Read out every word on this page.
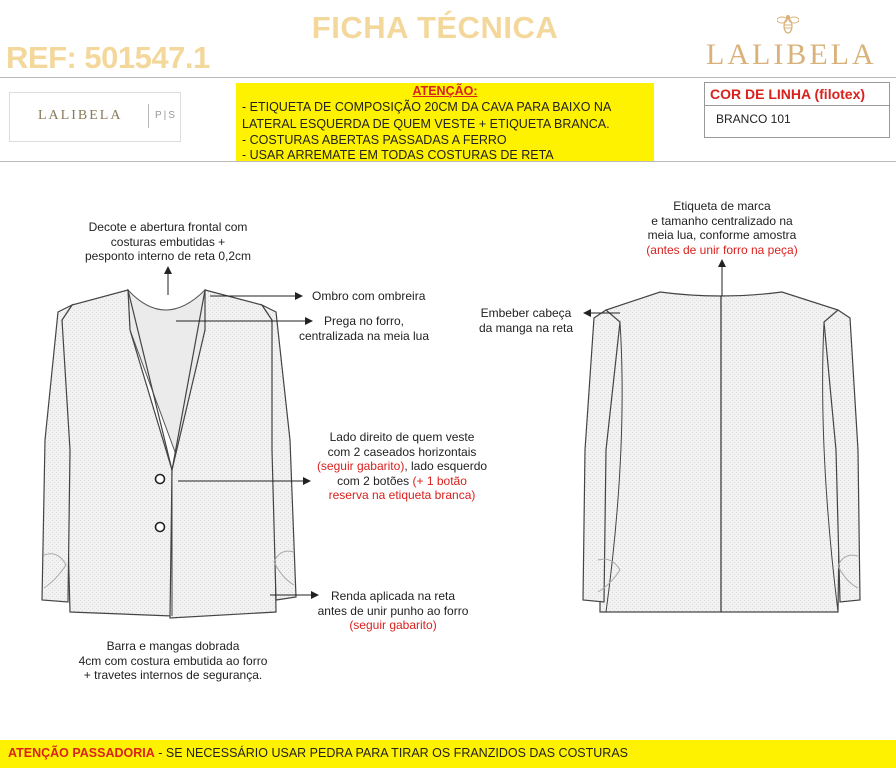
FICHA TÉCNICA
REF: 501547.1	LALIBELA
LALIBELA	P|S
ATENÇÃO:
- ETIQUETA DE COMPOSIÇÃO 20CM DA CAVA PARA BAIXO NA
LATERAL ESQUERDA DE QUEM VESTE + ETIQUETA BRANCA.
- COSTURAS ABERTAS PASSADAS A FERRO
- USAR ARREMATE EM TODAS COSTURAS DE RETA
COR DE LINHA (filotex)
BRANCO 101
Decote e abertura frontal com
costuras embutidas +
pesponto interno de reta 0,2cm
Ombro com ombreira
Prega no forro,
centralizada na meia lua
Lado direito de quem veste
com 2 caseados horizontais
(seguir gabarito), lado esquerdo
com 2 botões (+ 1 botão
reserva na etiqueta branca)
Renda aplicada na reta
antes de unir punho ao forro
(seguir gabarito)
Barra e mangas dobrada
4cm com costura embutida ao forro
+ travetes internos de segurança.
Embeber cabeça
da manga na reta
Etiqueta de marca
e tamanho centralizado na
meia lua, conforme amostra
(antes de unir forro na peça)
ATENÇÃO PASSADORIA - SE NECESSÁRIO USAR PEDRA PARA TIRAR OS FRANZIDOS DAS COSTURAS
